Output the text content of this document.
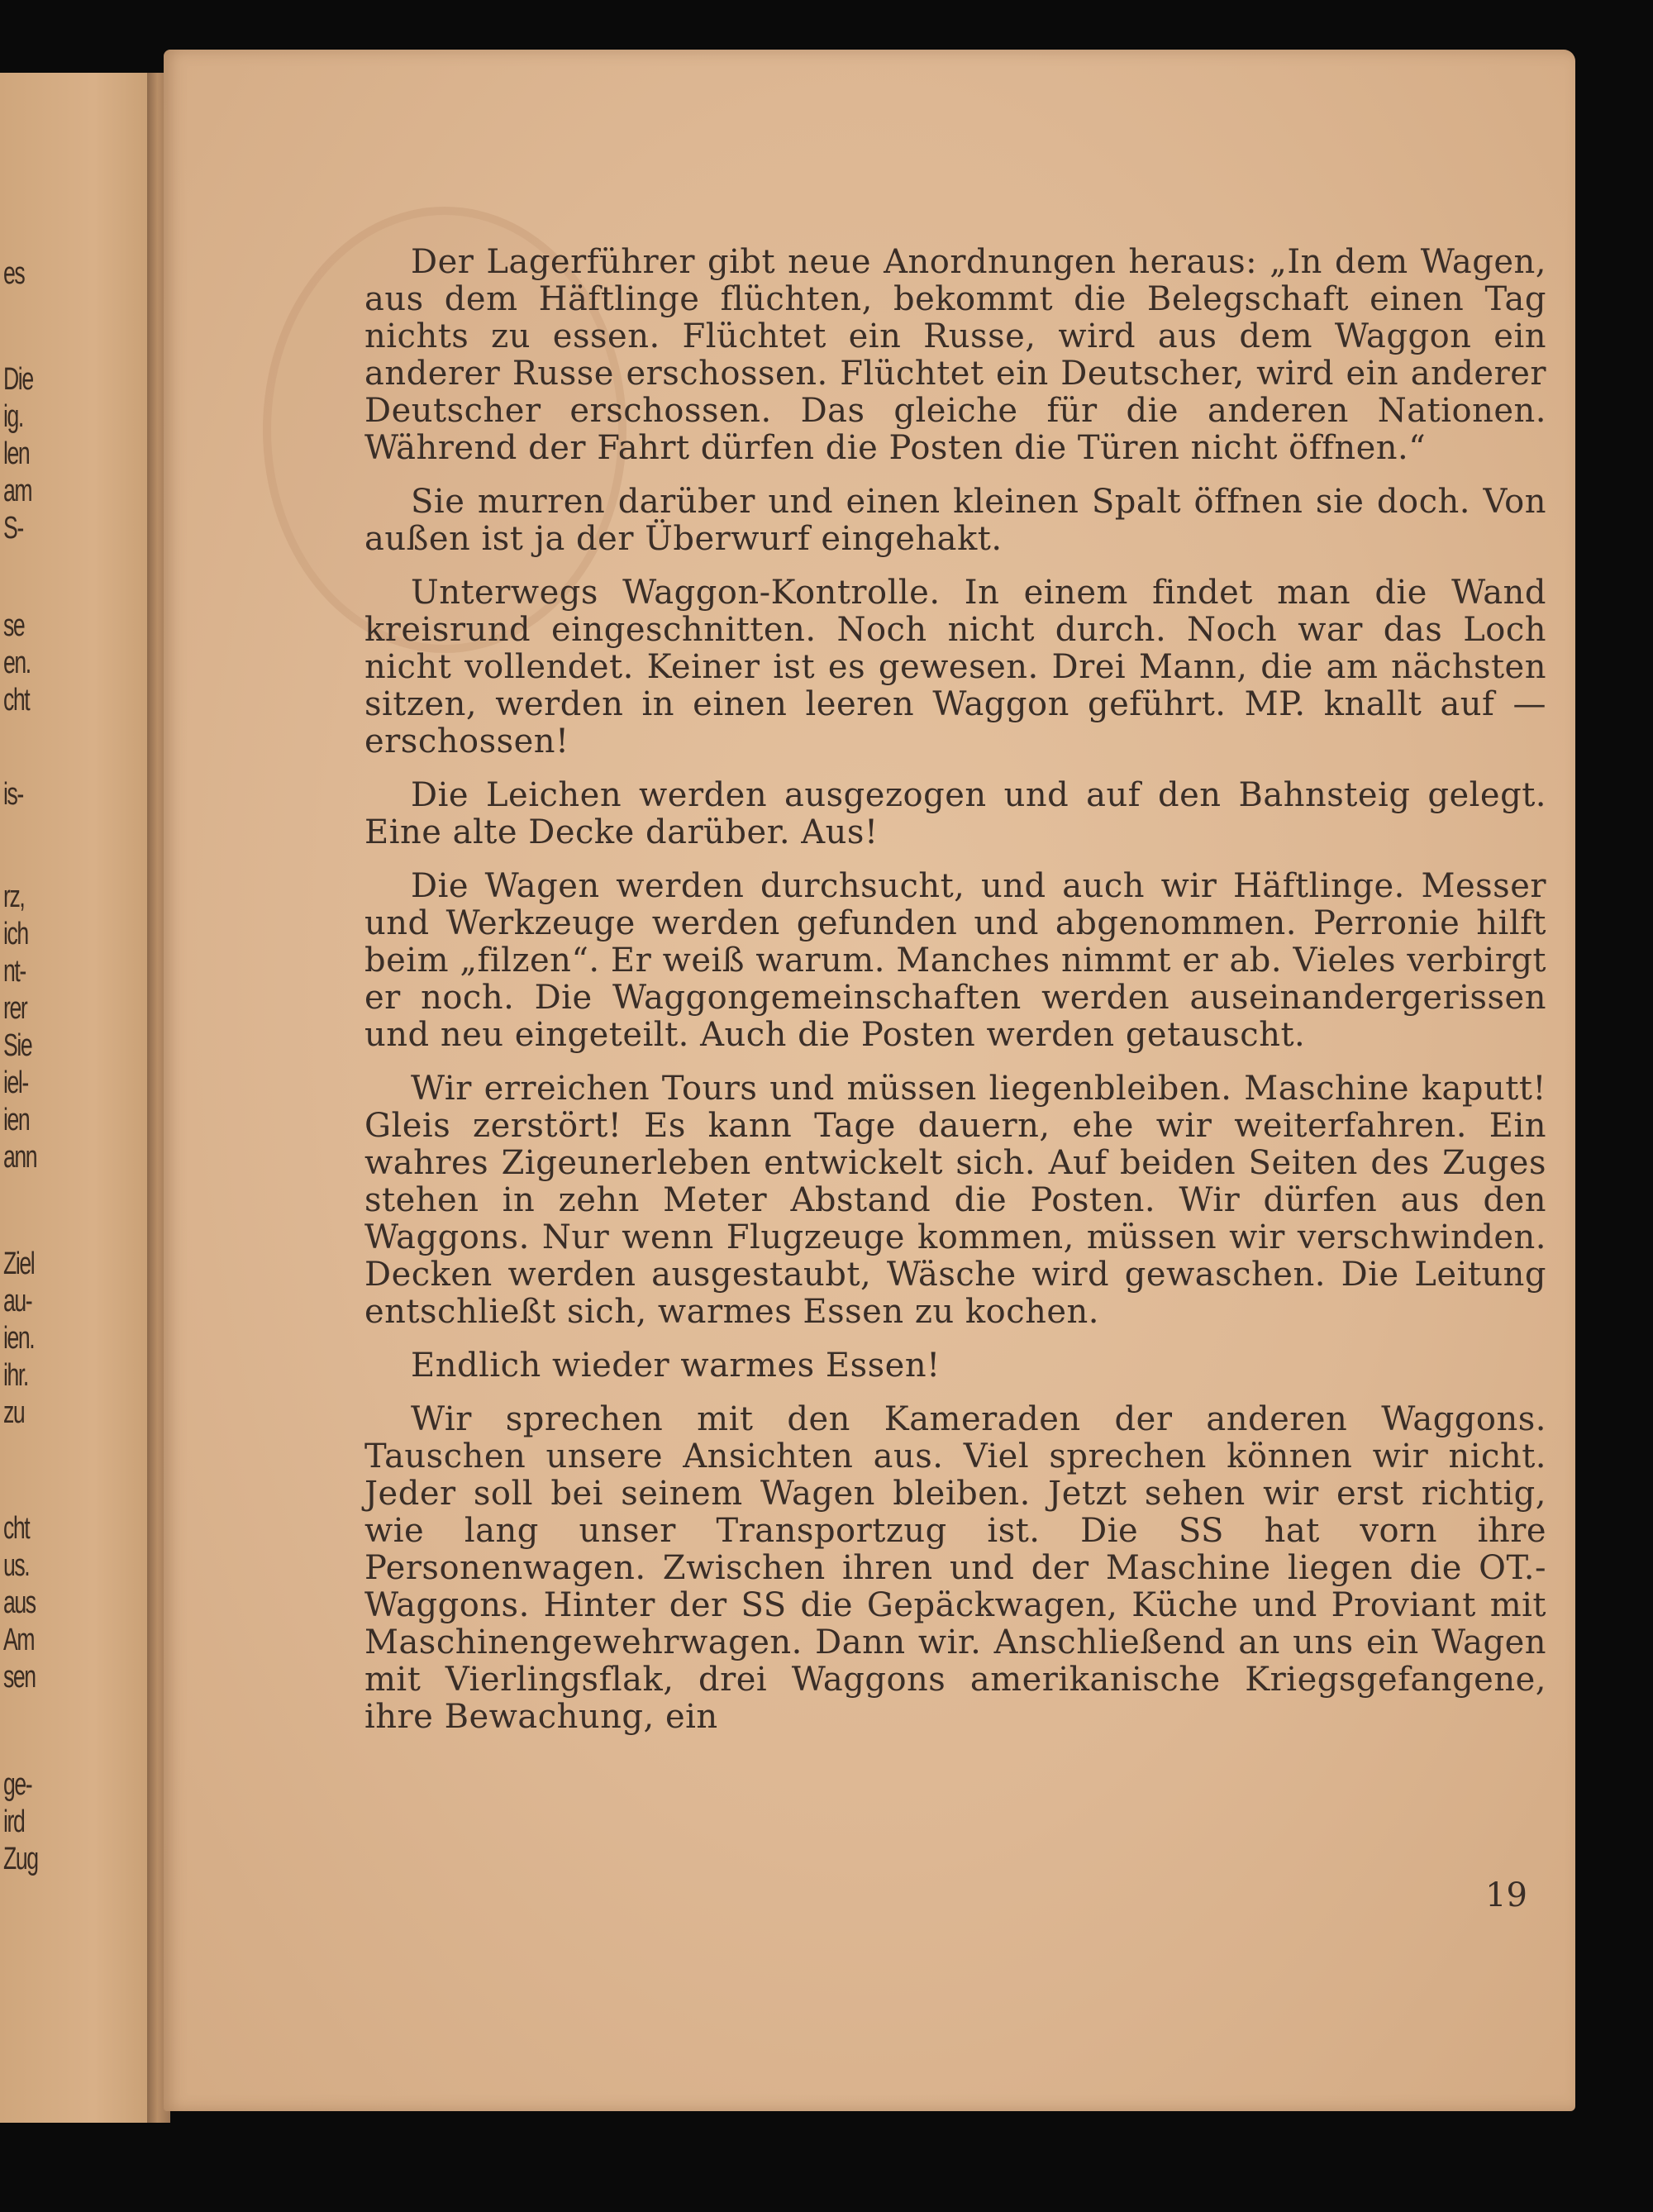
es
Die
ig.
len
am
S-
se
en.
cht
is-
rz,
ich
nt-
rer
Sie
iel-
ien
ann
Ziel
au-
ien.
ihr.
zu
cht
us.
aus
Am
sen
ge-
ird
Zug

Der Lagerführer gibt neue Anordnungen heraus: „In dem Wagen, aus dem Häftlinge flüchten, bekommt die Belegschaft einen Tag nichts zu essen. Flüchtet ein Russe, wird aus dem Waggon ein anderer Russe erschossen. Flüchtet ein Deutscher, wird ein anderer Deutscher erschossen. Das gleiche für die anderen Nationen. Während der Fahrt dürfen die Posten die Türen nicht öffnen.“

Sie murren darüber und einen kleinen Spalt öffnen sie doch. Von außen ist ja der Überwurf eingehakt.

Unterwegs Waggon-Kontrolle. In einem findet man die Wand kreisrund eingeschnitten. Noch nicht durch. Noch war das Loch nicht vollendet. Keiner ist es gewesen. Drei Mann, die am nächsten sitzen, werden in einen leeren Waggon geführt. MP. knallt auf — erschossen!

Die Leichen werden ausgezogen und auf den Bahnsteig gelegt. Eine alte Decke darüber. Aus!

Die Wagen werden durchsucht, und auch wir Häftlinge. Messer und Werkzeuge werden gefunden und abgenommen. Perronie hilft beim „filzen“. Er weiß warum. Manches nimmt er ab. Vieles verbirgt er noch. Die Waggongemeinschaften werden auseinandergerissen und neu eingeteilt. Auch die Posten werden getauscht.

Wir erreichen Tours und müssen liegenbleiben. Maschine kaputt! Gleis zerstört! Es kann Tage dauern, ehe wir weiterfahren. Ein wahres Zigeunerleben entwickelt sich. Auf beiden Seiten des Zuges stehen in zehn Meter Abstand die Posten. Wir dürfen aus den Waggons. Nur wenn Flugzeuge kommen, müssen wir verschwinden. Decken werden ausgestaubt, Wäsche wird gewaschen. Die Leitung entschließt sich, warmes Essen zu kochen.

Endlich wieder warmes Essen!

Wir sprechen mit den Kameraden der anderen Waggons. Tauschen unsere Ansichten aus. Viel sprechen können wir nicht. Jeder soll bei seinem Wagen bleiben. Jetzt sehen wir erst richtig, wie lang unser Transportzug ist. Die SS hat vorn ihre Personenwagen. Zwischen ihren und der Maschine liegen die OT.-Waggons. Hinter der SS die Gepäckwagen, Küche und Proviant mit Maschinengewehrwagen. Dann wir. Anschließend an uns ein Wagen mit Vierlingsflak, drei Waggons amerikanische Kriegsgefangene, ihre Bewachung, ein

19
